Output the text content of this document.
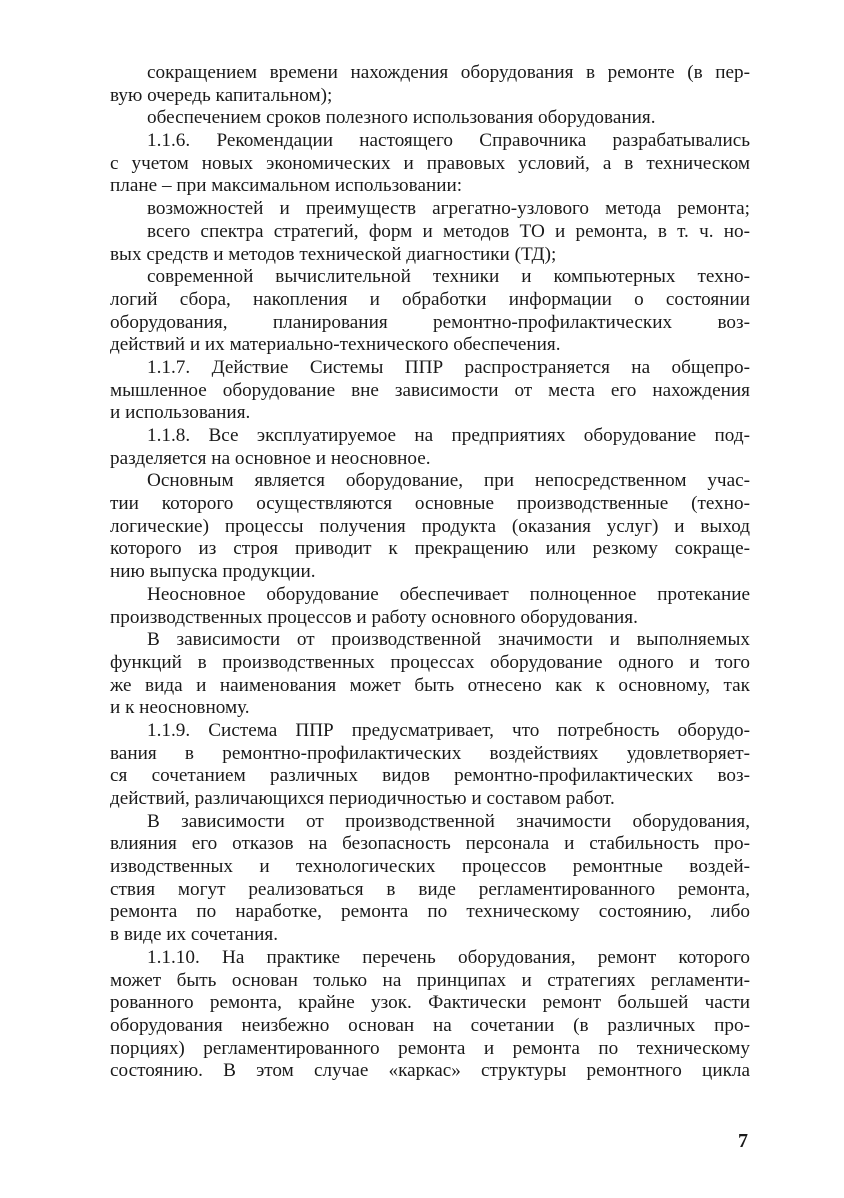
сокращением времени нахождения оборудования в ремонте (в пер-
вую очередь капитальном);
обеспечением сроков полезного использования оборудования.
1.1.6. Рекомендации настоящего Справочника разрабатывались
с учетом новых экономических и правовых условий, а в техническом
плане – при максимальном использовании:
возможностей и преимуществ агрегатно-узлового метода ремонта;
всего спектра стратегий, форм и методов ТО и ремонта, в т. ч. но-
вых средств и методов технической диагностики (ТД);
современной вычислительной техники и компьютерных техно-
логий сбора, накопления и обработки информации о состоянии
оборудования, планирования ремонтно-профилактических воз-
действий и их материально-технического обеспечения.
1.1.7. Действие Системы ППР распространяется на общепро-
мышленное оборудование вне зависимости от места его нахождения
и использования.
1.1.8. Все эксплуатируемое на предприятиях оборудование под-
разделяется на основное и неосновное.
Основным является оборудование, при непосредственном учас-
тии которого осуществляются основные производственные (техно-
логические) процессы получения продукта (оказания услуг) и выход
которого из строя приводит к прекращению или резкому сокраще-
нию выпуска продукции.
Неосновное оборудование обеспечивает полноценное протекание
производственных процессов и работу основного оборудования.
В зависимости от производственной значимости и выполняемых
функций в производственных процессах оборудование одного и того
же вида и наименования может быть отнесено как к основному, так
и к неосновному.
1.1.9. Система ППР предусматривает, что потребность оборудо-
вания в ремонтно-профилактических воздействиях удовлетворяет-
ся сочетанием различных видов ремонтно-профилактических воз-
действий, различающихся периодичностью и составом работ.
В зависимости от производственной значимости оборудования,
влияния его отказов на безопасность персонала и стабильность про-
изводственных и технологических процессов ремонтные воздей-
ствия могут реализоваться в виде регламентированного ремонта,
ремонта по наработке, ремонта по техническому состоянию, либо
в виде их сочетания.
1.1.10. На практике перечень оборудования, ремонт которого
может быть основан только на принципах и стратегиях регламенти-
рованного ремонта, крайне узок. Фактически ремонт большей части
оборудования неизбежно основан на сочетании (в различных про-
порциях) регламентированного ремонта и ремонта по техническому
состоянию. В этом случае «каркас» структуры ремонтного цикла
7
